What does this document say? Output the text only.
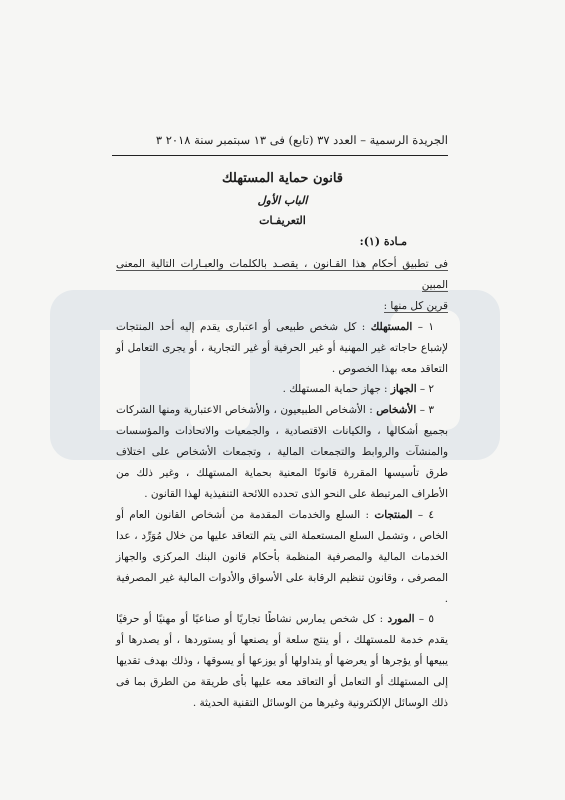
الجريدة الرسمية – العدد ٣٧ (تابع) فى ١٣ سبتمبر سنة ٢٠١٨ ٣
قانون حماية المستهلك
الباب الأول
التعريفـات
مـادة (١):

فى تطبيق أحكام هذا القـانون ، يقصـد بالكلمات والعبـارات التالية المعنى المبين
قرين كل منها :

١ – المستهلك : كل شخص طبيعى أو اعتبارى يقدم إليه أحد المنتجات لإشباع حاجاته غير المهنية أو غير الحرفية أو غير التجارية ، أو يجرى التعامل أو التعاقد معه بهذا الخصوص .

٢ – الجهاز : جهاز حماية المستهلك .

٣ – الأشخاص : الأشخاص الطبيعيون ، والأشخاص الاعتبارية ومنها الشركات بجميع أشكالها ، والكيانات الاقتصادية ، والجمعيات والاتحادات والمؤسسات والمنشآت والروابط والتجمعات المالية ، وتجمعات الأشخاص على اختلاف طرق تأسيسها المقررة قانونًا المعنية بحماية المستهلك ، وغير ذلك من الأطراف المرتبطة على النحو الذى تحدده اللائحة التنفيذية لهذا القانون .

٤ – المنتجات : السلع والخدمات المقدمة من أشخاص القانون العام أو الخاص ، وتشمل السلع المستعملة التى يتم التعاقد عليها من خلال مُوَرِّد ، عدا الخدمات المالية والمصرفية المنظمة بأحكام قانون البنك المركزى والجهاز المصرفى ، وقانون تنظيم الرقابة على الأسواق والأدوات المالية غير المصرفية .

٥ – المورد : كل شخص يمارس نشاطًا تجاريًا أو صناعيًا أو مهنيًا أو حرفيًا يقدم خدمة للمستهلك ، أو ينتج سلعة أو يصنعها أو يستوردها ، أو يصدرها أو يبيعها أو يؤجرها أو يعرضها أو يتداولها أو يوزعها أو يسوقها ، وذلك بهدف تقديها إلى المستهلك أو التعامل أو التعاقد معه عليها بأى طريقة من الطرق بما فى ذلك الوسائل الإلكترونية وغيرها من الوسائل التقنية الحديثة .
